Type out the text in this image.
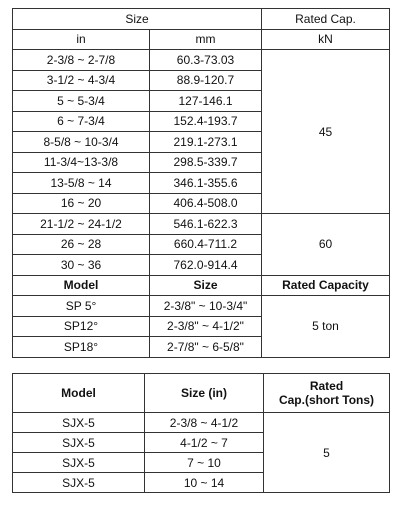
Size		Rated Cap.
in	mm	kN
2-3/8 ~ 2-7/8	60.3-73.03	45
3-1/2 ~ 4-3/4	88.9-120.7	
5 ~ 5-3/4	127-146.1	
6 ~ 7-3/4	152.4-193.7	
8-5/8 ~ 10-3/4	219.1-273.1	
11-3/4~13-3/8	298.5-339.7	
13-5/8 ~ 14	346.1-355.6	
16 ~ 20	406.4-508.0	
21-1/2 ~ 24-1/2	546.1-622.3	60
26 ~ 28	660.4-711.2	
30 ~ 36	762.0-914.4	
Model	Size	Rated Capacity
SP 5°	2-3/8" ~ 10-3/4"	5 ton
SP12°	2-3/8" ~ 4-1/2"	
SP18°	2-7/8" ~ 6-5/8"	
Model	Size (in)	Rated
Cap.(short Tons)
SJX-5	2-3/8 ~ 4-1/2	5
SJX-5	4-1/2 ~ 7	
SJX-5	7 ~ 10	
SJX-5	10 ~ 14	
